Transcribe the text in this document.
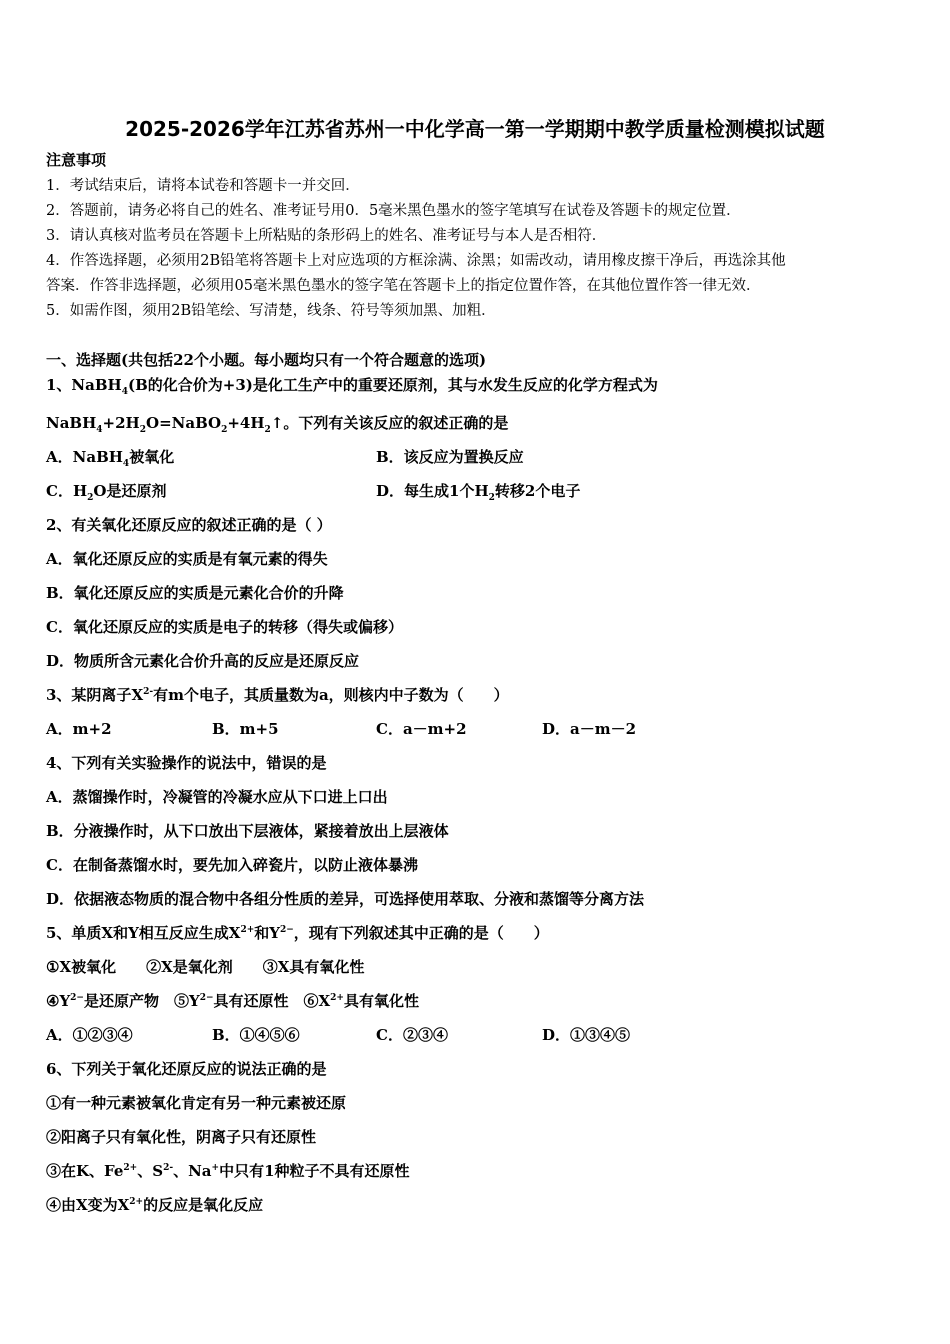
2025-2026学年江苏省苏州一中化学高一第一学期期中教学质量检测模拟试题
注意事项
1．考试结束后，请将本试卷和答题卡一并交回．
2．答题前，请务必将自己的姓名、准考证号用0．5毫米黑色墨水的签字笔填写在试卷及答题卡的规定位置．
3．请认真核对监考员在答题卡上所粘贴的条形码上的姓名、准考证号与本人是否相符．
4．作答选择题，必须用2B铅笔将答题卡上对应选项的方框涂满、涂黑；如需改动，请用橡皮擦干净后，再选涂其他
答案．作答非选择题，必须用05毫米黑色墨水的签字笔在答题卡上的指定位置作答，在其他位置作答一律无效．
5．如需作图，须用2B铅笔绘、写清楚，线条、符号等须加黑、加粗．
一、选择题(共包括22个小题。每小题均只有一个符合题意的选项)
1、NaBH$_4$(B的化合价为+3)是化工生产中的重要还原剂，其与水发生反应的化学方程式为
$NaBH_4+2H_2O=NaBO_2+4H_2↑$。下列有关该反应的叙述正确的是
A．NaBH$_4$被氧化	B．该反应为置换反应
C．$H_2O$是还原剂	D．每生成1个$H_2$转移2个电子
2、有关氧化还原反应的叙述正确的是（ ）
A．氧化还原反应的实质是有氧元素的得失
B．氧化还原反应的实质是元素化合价的升降
C．氧化还原反应的实质是电子的转移（得失或偏移）
D．物质所含元素化合价升高的反应是还原反应
3、某阴离子$X^{2-}$有m个电子，其质量数为a，则核内中子数为（　　）
A．m+2	B．m+5	C．a－m+2	D．a－m－2
4、下列有关实验操作的说法中，错误的是
A．蒸馏操作时，冷凝管的冷凝水应从下口进上口出
B．分液操作时，从下口放出下层液体，紧接着放出上层液体
C．在制备蒸馏水时，要先加入碎瓷片，以防止液体暴沸
D．依据液态物质的混合物中各组分性质的差异，可选择使用萃取、分液和蒸馏等分离方法
5、单质X和Y相互反应生成$X^{2+}$和$Y^{2-}$，现有下列叙述其中正确的是（　　）
①X被氧化　　②X是氧化剂　　③X具有氧化性
$④Y^{2-}$是还原产物　$⑤Y^{2-}$具有还原性　$⑥X^{2+}$具有氧化性
A．①②③④	B．①④⑤⑥	C．②③④	D．①③④⑤
6、下列关于氧化还原反应的说法正确的是
①有一种元素被氧化肯定有另一种元素被还原
②阳离子只有氧化性，阴离子只有还原性
③在K、$Fe^{2+}$、$S^{2-}$、Na+中只有1种粒子不具有还原性
④由X变为$X^{2+}$的反应是氧化反应
